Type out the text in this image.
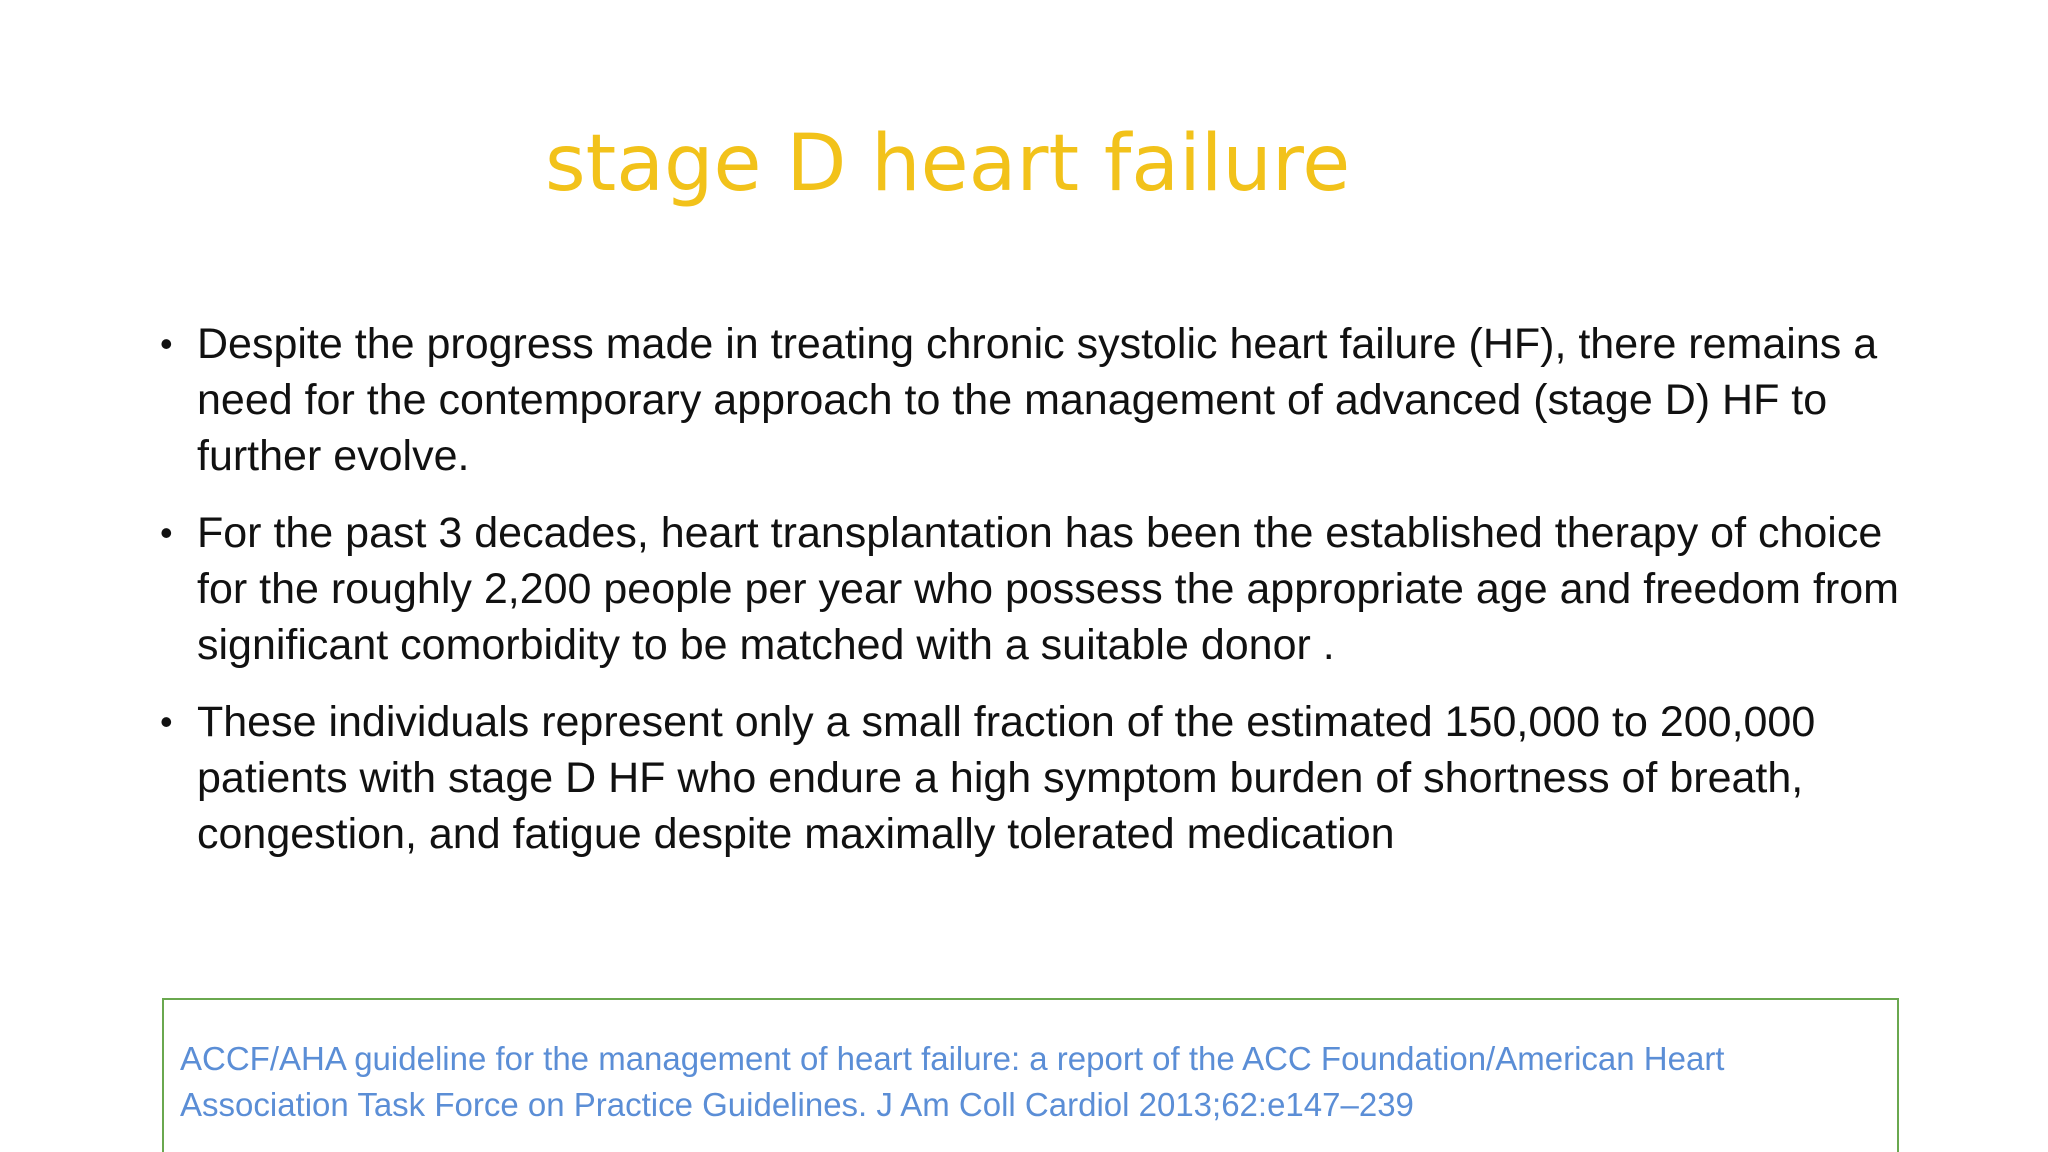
stage D heart failure
• Despite the progress made in treating chronic systolic heart failure (HF), there remains a need for the contemporary approach to the management of advanced (stage D) HF to further evolve.
• For the past 3 decades, heart transplantation has been the established therapy of choice for the roughly 2,200 people per year who possess the appropriate age and freedom from significant comorbidity to be matched with a suitable donor .
• These individuals represent only a small fraction of the estimated 150,000 to 200,000 patients with stage D HF who endure a high symptom burden of shortness of breath, congestion, and fatigue despite maximally tolerated medication
ACCF/AHA guideline for the management of heart failure: a report of the ACC Foundation/American Heart Association Task Force on Practice Guidelines. J Am Coll Cardiol 2013;62:e147–239
